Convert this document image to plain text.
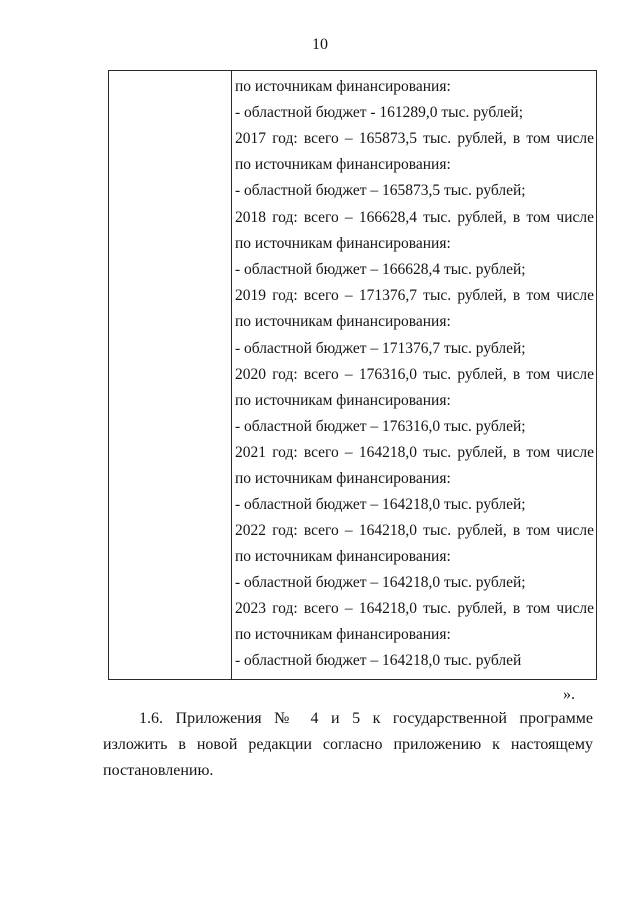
10
по источникам финансирования:
- областной бюджет - 161289,0 тыс. рублей;
2017 год: всего – 165873,5 тыс. рублей, в том числе
по источникам финансирования:
- областной бюджет – 165873,5 тыс. рублей;
2018 год: всего – 166628,4 тыс. рублей, в том числе
по источникам финансирования:
- областной бюджет – 166628,4 тыс. рублей;
2019 год: всего – 171376,7 тыс. рублей, в том числе
по источникам финансирования:
- областной бюджет – 171376,7 тыс. рублей;
2020 год: всего – 176316,0 тыс. рублей, в том числе
по источникам финансирования:
- областной бюджет – 176316,0 тыс. рублей;
2021 год: всего – 164218,0 тыс. рублей, в том числе
по источникам финансирования:
- областной бюджет – 164218,0 тыс. рублей;
2022 год: всего – 164218,0 тыс. рублей, в том числе
по источникам финансирования:
- областной бюджет – 164218,0 тыс. рублей;
2023 год: всего – 164218,0 тыс. рублей, в том числе
по источникам финансирования:
- областной бюджет – 164218,0 тыс. рублей
».
1.6. Приложения № 4 и 5 к государственной программе
изложить в новой редакции согласно приложению к настоящему
постановлению.
